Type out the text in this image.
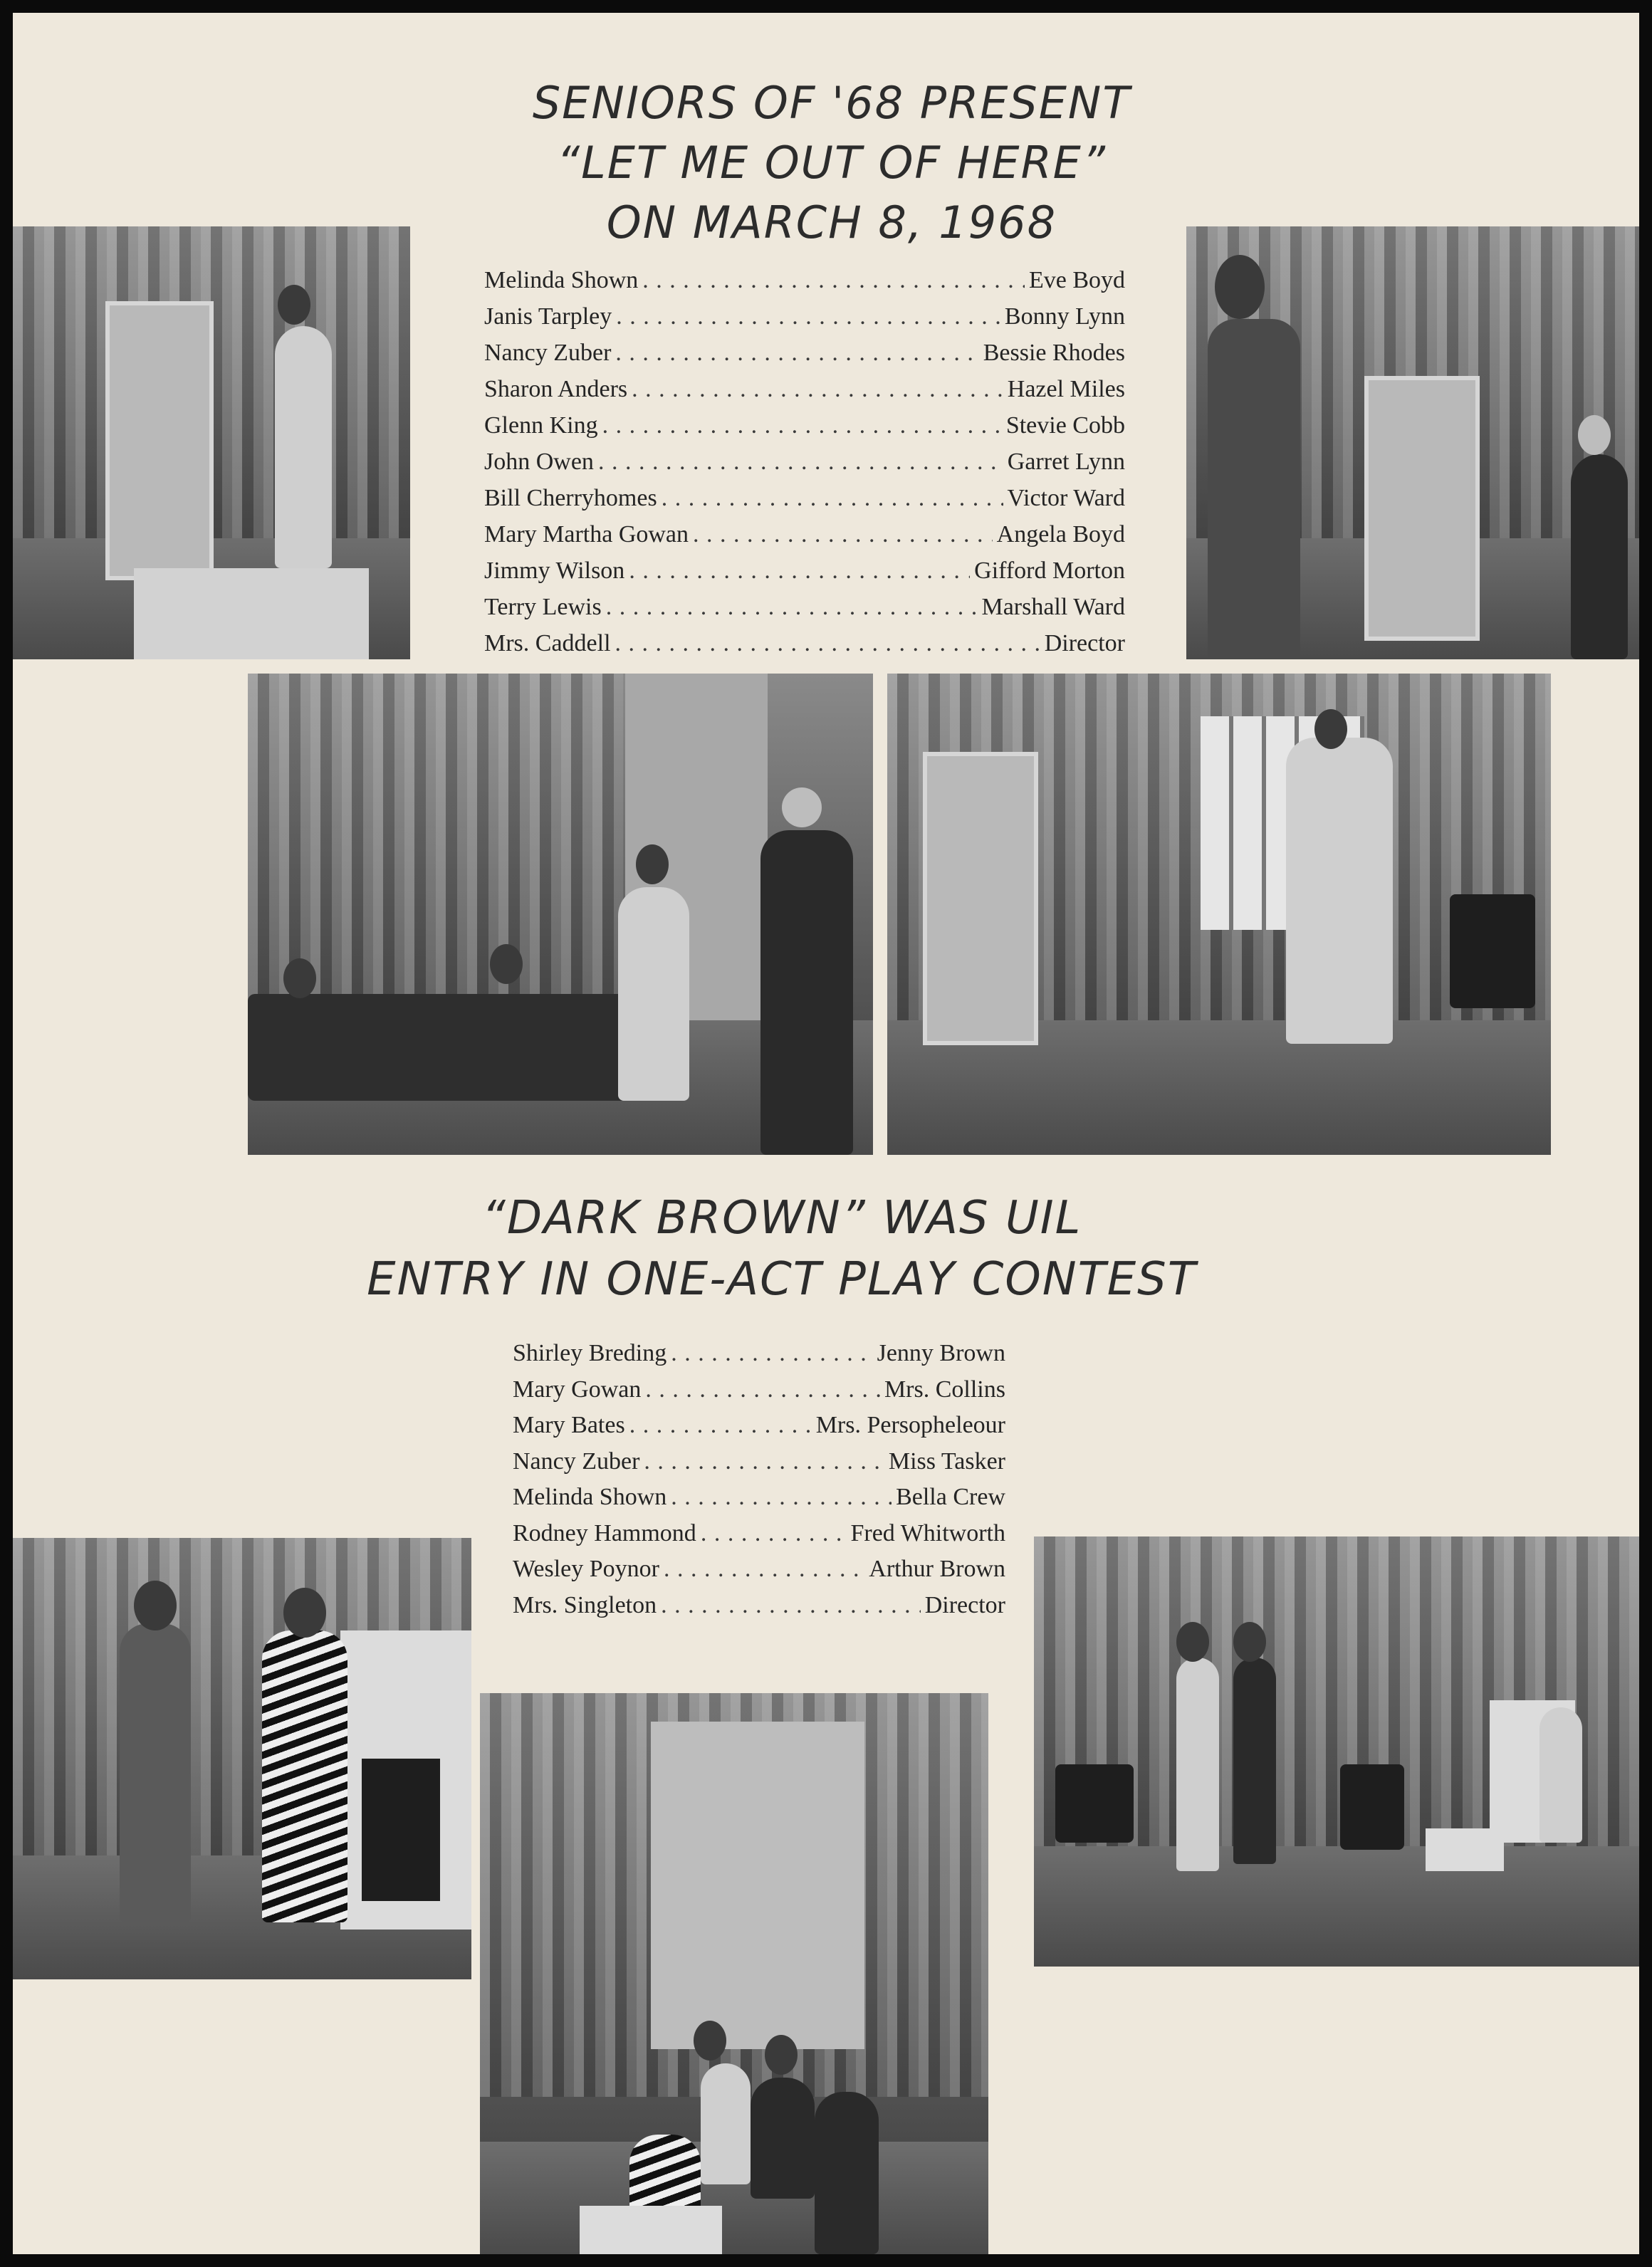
SENIORS OF '68 PRESENT
“LET ME OUT OF HERE”
ON MARCH 8, 1968
Melinda Shown . . .	Eve Boyd
Janis Tarpley . . .	Bonny Lynn
Nancy Zuber . . .	Bessie Rhodes
Sharon Anders . . .	Hazel Miles
Glenn King . . .	Stevie Cobb
John Owen . . .	Garret Lynn
Bill Cherryhomes . . .	Victor Ward
Mary Martha Gowan . . .	Angela Boyd
Jimmy Wilson . . .	Gifford Morton
Terry Lewis . . .	Marshall Ward
Mrs. Caddell . . .	Director
“DARK BROWN” WAS UIL
ENTRY IN ONE-ACT PLAY CONTEST
Shirley Breding . . .	Jenny Brown
Mary Gowan . . .	Mrs. Collins
Mary Bates . . .	Mrs. Persopheleour
Nancy Zuber . . .	Miss Tasker
Melinda Shown . . .	Bella Crew
Rodney Hammond . . .	Fred Whitworth
Wesley Poynor . . .	Arthur Brown
Mrs. Singleton . . .	Director
